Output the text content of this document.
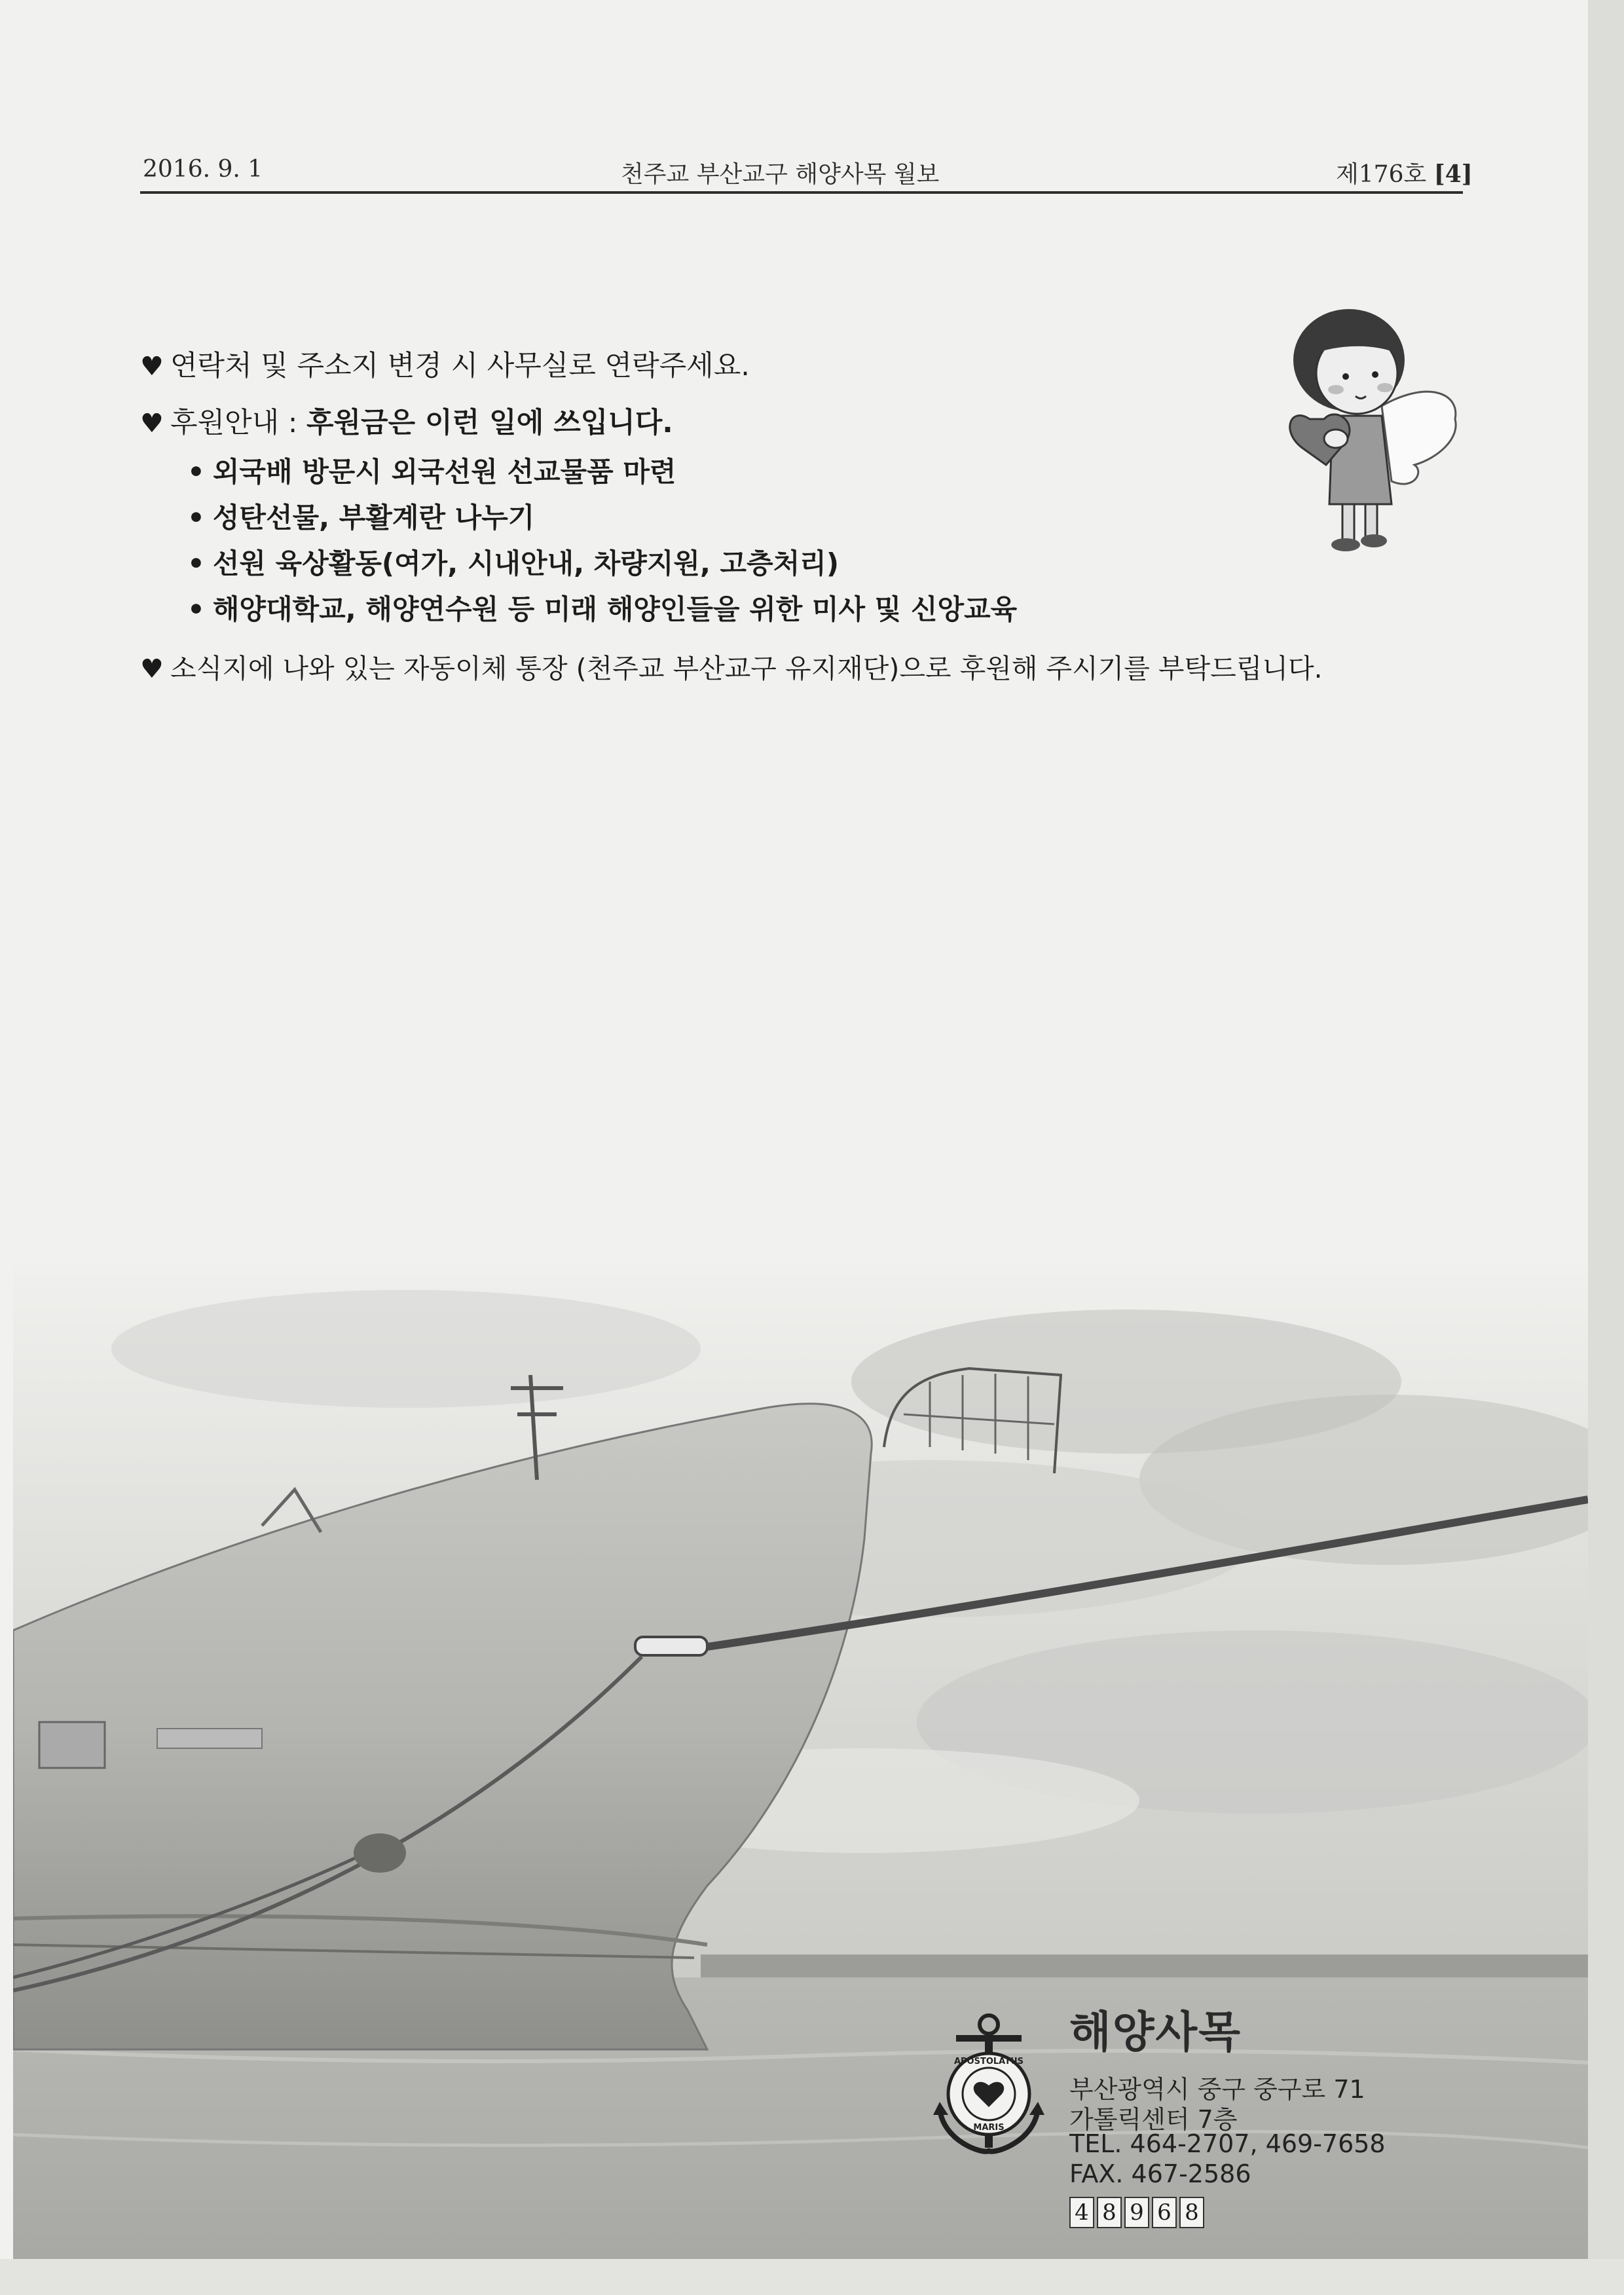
2016. 9. 1	천주교 부산교구 해양사목 월보	제176호 [4]
♥ 연락처 및 주소지 변경 시 사무실로 연락주세요.
♥ 후원안내 : 후원금은 이런 일에 쓰입니다.
• 외국배 방문시 외국선원 선교물품 마련
• 성탄선물, 부활계란 나누기
• 선원 육상활동(여가, 시내안내, 차량지원, 고층처리)
• 해양대학교, 해양연수원 등 미래 해양인들을 위한 미사 및 신앙교육
♥ 소식지에 나와 있는 자동이체 통장 (천주교 부산교구 유지재단)으로 후원해 주시기를 부탁드립니다.
APOSTOLATUS
MARIS
해양사목
부산광역시 중구 중구로 71
가톨릭센터 7층
TEL. 464-2707, 469-7658
FAX. 467-2586
4 8 9 6 8
